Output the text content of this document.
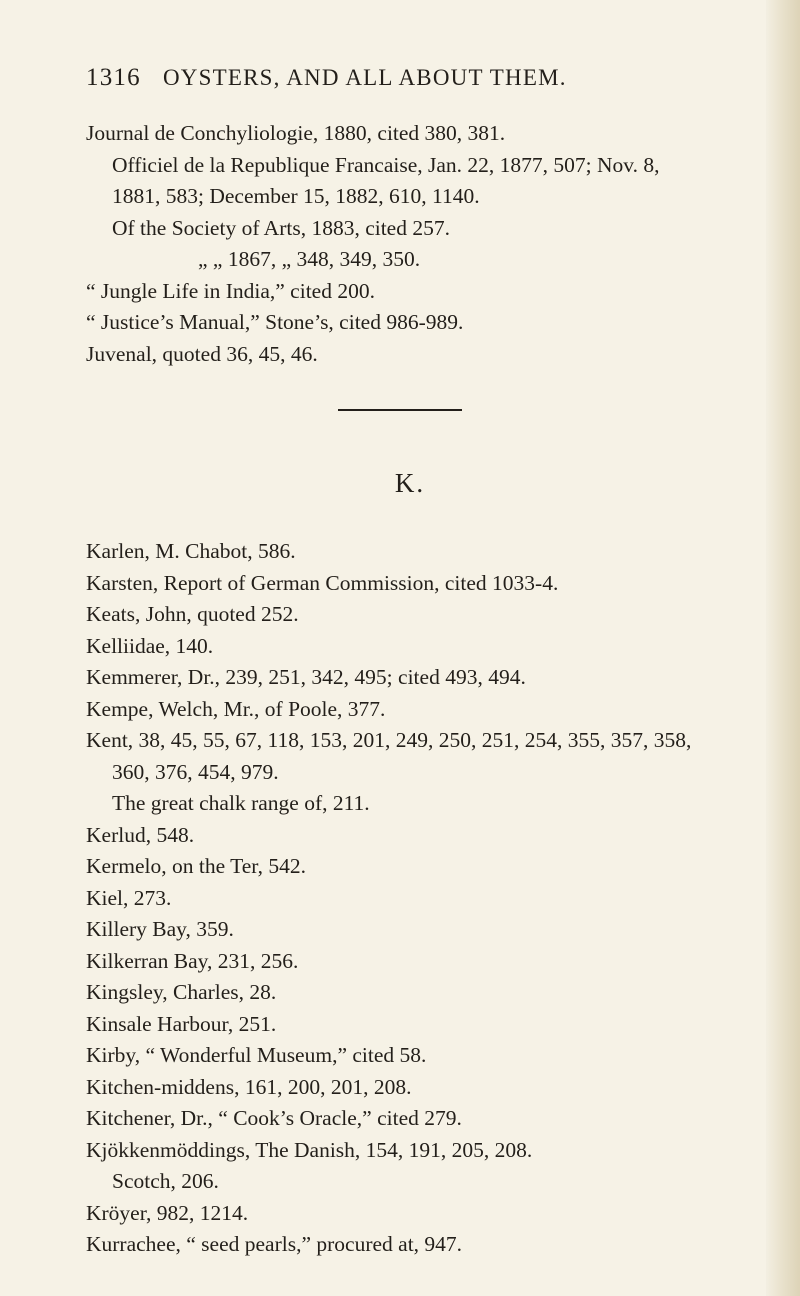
1316 OYSTERS, AND ALL ABOUT THEM.
Journal de Conchyliologie, 1880, cited 380, 381.
Officiel de la Republique Francaise, Jan. 22, 1877, 507; Nov. 8,
1881, 583; December 15, 1882, 610, 1140.
Of the Society of Arts, 1883, cited 257.
„ „ 1867, „ 348, 349, 350.
“ Jungle Life in India,” cited 200.
“ Justice’s Manual,” Stone’s, cited 986-989.
Juvenal, quoted 36, 45, 46.
K.
Karlen, M. Chabot, 586.
Karsten, Report of German Commission, cited 1033-4.
Keats, John, quoted 252.
Kelliidae, 140.
Kemmerer, Dr., 239, 251, 342, 495; cited 493, 494.
Kempe, Welch, Mr., of Poole, 377.
Kent, 38, 45, 55, 67, 118, 153, 201, 249, 250, 251, 254, 355, 357, 358,
360, 376, 454, 979.
The great chalk range of, 211.
Kerlud, 548.
Kermelo, on the Ter, 542.
Kiel, 273.
Killery Bay, 359.
Kilkerran Bay, 231, 256.
Kingsley, Charles, 28.
Kinsale Harbour, 251.
Kirby, “ Wonderful Museum,” cited 58.
Kitchen-middens, 161, 200, 201, 208.
Kitchener, Dr., “ Cook’s Oracle,” cited 279.
Kjökkenmöddings, The Danish, 154, 191, 205, 208.
Scotch, 206.
Kröyer, 982, 1214.
Kurrachee, “ seed pearls,” procured at, 947.
